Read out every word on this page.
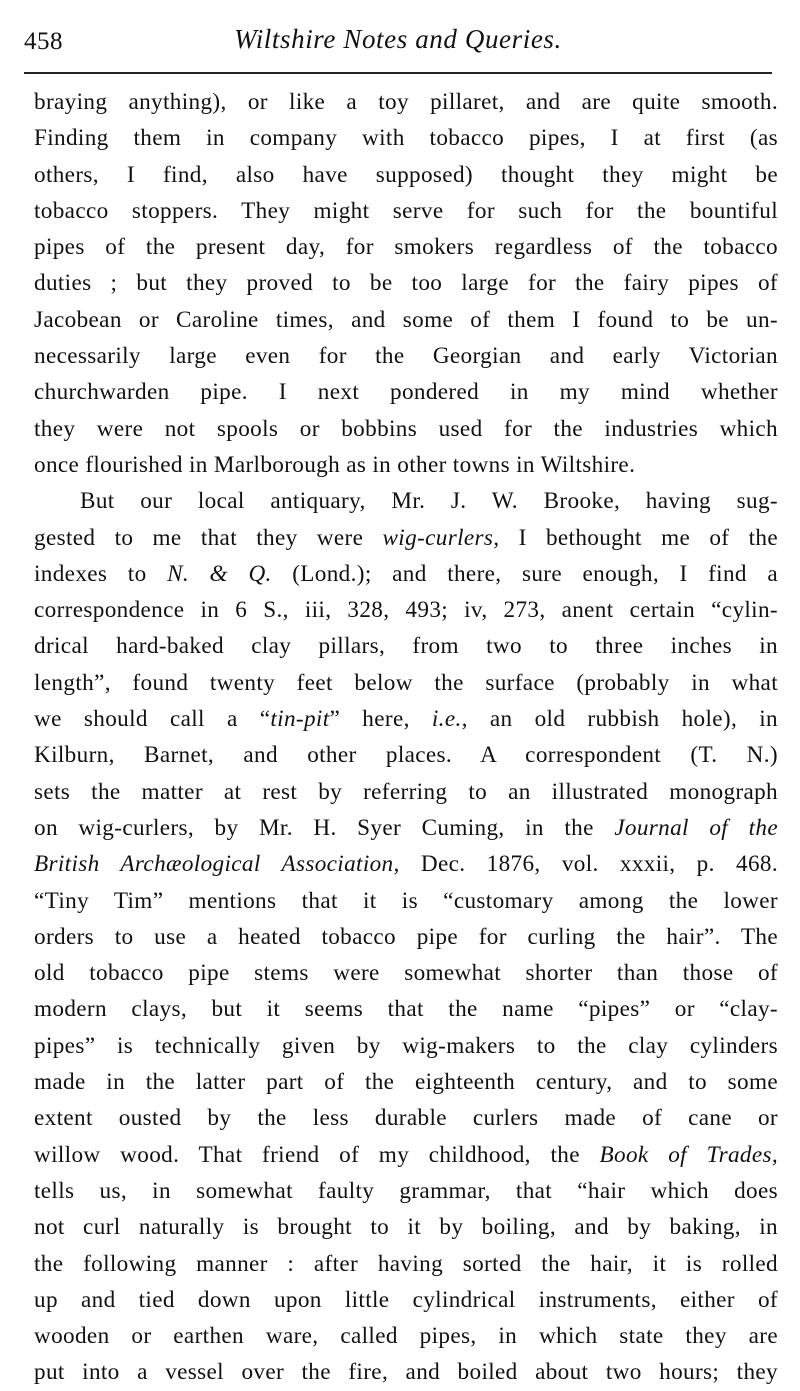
458	Wiltshire Notes and Queries.
braying anything), or like a toy pillaret, and are quite smooth.
Finding them in company with tobacco pipes, I at first (as
others, I find, also have supposed) thought they might be
tobacco stoppers. They might serve for such for the bountiful
pipes of the present day, for smokers regardless of the tobacco
duties ; but they proved to be too large for the fairy pipes of
Jacobean or Caroline times, and some of them I found to be un-
necessarily large even for the Georgian and early Victorian
churchwarden pipe. I next pondered in my mind whether
they were not spools or bobbins used for the industries which
once flourished in Marlborough as in other towns in Wiltshire.
But our local antiquary, Mr. J. W. Brooke, having sug-
gested to me that they were wig-curlers, I bethought me of the
indexes to N. & Q. (Lond.); and there, sure enough, I find a
correspondence in 6 S., iii, 328, 493; iv, 273, anent certain “cylin-
drical hard-baked clay pillars, from two to three inches in
length”, found twenty feet below the surface (probably in what
we should call a “tin-pit” here, i.e., an old rubbish hole), in
Kilburn, Barnet, and other places. A correspondent (T. N.)
sets the matter at rest by referring to an illustrated monograph
on wig-curlers, by Mr. H. Syer Cuming, in the Journal of the
British Archæological Association, Dec. 1876, vol. xxxii, p. 468.
“Tiny Tim” mentions that it is “customary among the lower
orders to use a heated tobacco pipe for curling the hair”. The
old tobacco pipe stems were somewhat shorter than those of
modern clays, but it seems that the name “pipes” or “clay-
pipes” is technically given by wig-makers to the clay cylinders
made in the latter part of the eighteenth century, and to some
extent ousted by the less durable curlers made of cane or
willow wood. That friend of my childhood, the Book of Trades,
tells us, in somewhat faulty grammar, that “hair which does
not curl naturally is brought to it by boiling, and by baking, in
the following manner : after having sorted the hair, it is rolled
up and tied down upon little cylindrical instruments, either of
wooden or earthen ware, called pipes, in which state they are
put into a vessel over the fire, and boiled about two hours; they
